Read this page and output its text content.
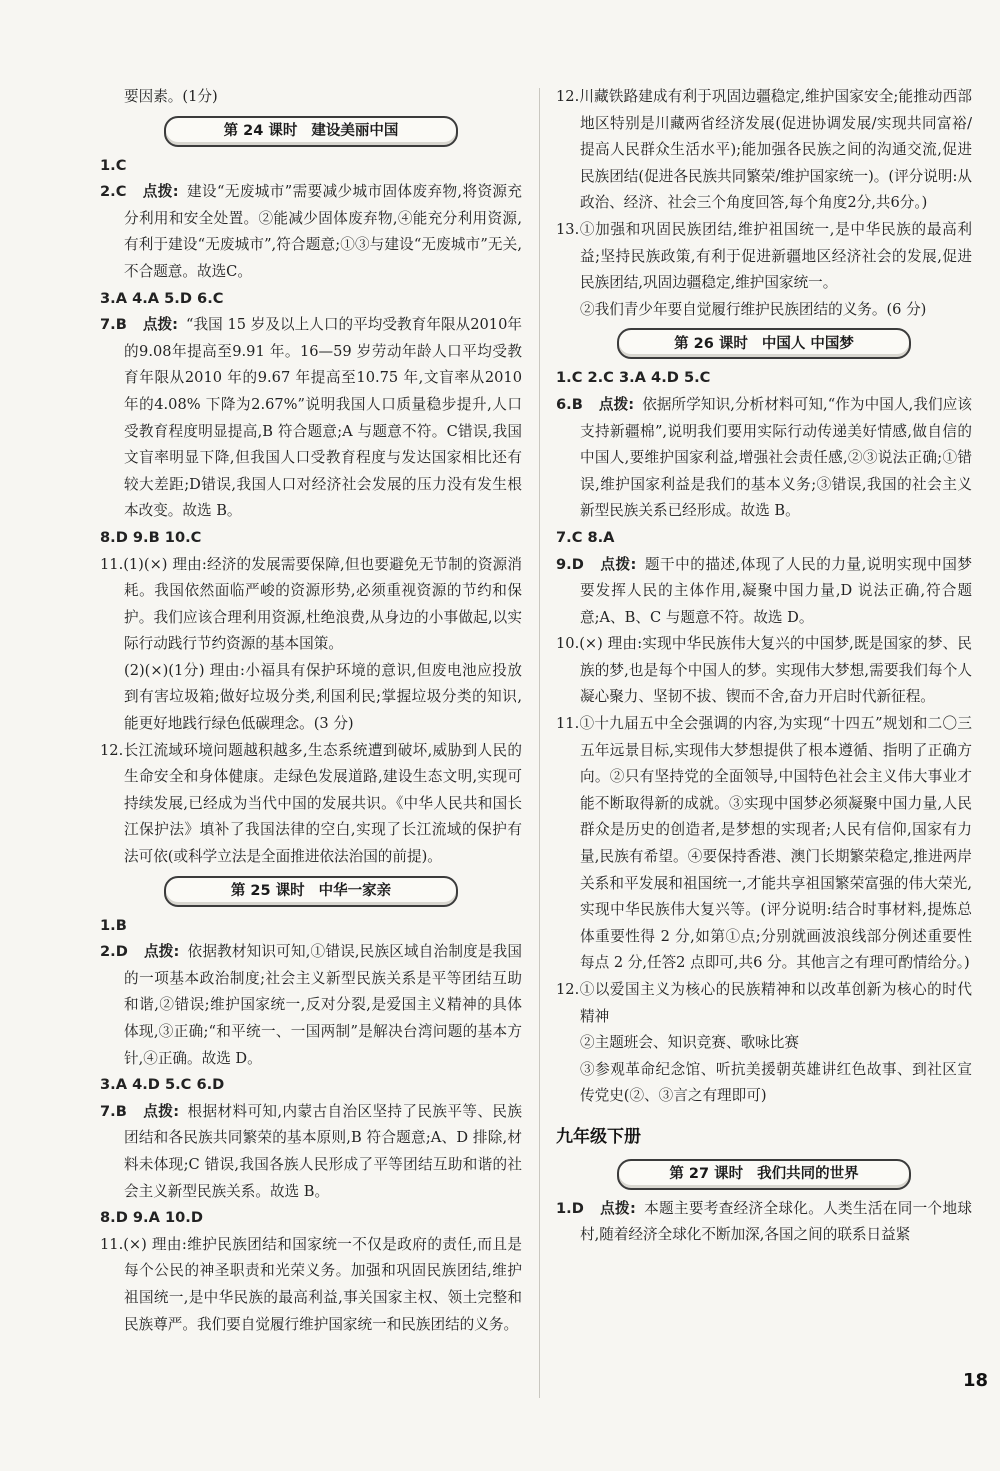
要因素。(1分)

第 24 课时 建设美丽中国

1.C

2.C 点拨: 建设“无废城市”需要减少城市固体废弃物,将资源充分利用和安全处置。②能减少固体废弃物,④能充分利用资源,有利于建设“无废城市”,符合题意;①③与建设“无废城市”无关,不合题意。故选C。

3.A 4.A 5.D 6.C

7.B 点拨: “我国 15 岁及以上人口的平均受教育年限从2010年的9.08年提高至9.91 年。16—59 岁劳动年龄人口平均受教育年限从2010 年的9.67 年提高至10.75 年,文盲率从2010年的4.08% 下降为2.67%”说明我国人口质量稳步提升,人口受教育程度明显提高,B 符合题意;A 与题意不符。C错误,我国文盲率明显下降,但我国人口受教育程度与发达国家相比还有较大差距;D错误,我国人口对经济社会发展的压力没有发生根本改变。故选 B。

8.D 9.B 10.C

11.(1)(×) 理由:经济的发展需要保障,但也要避免无节制的资源消耗。我国依然面临严峻的资源形势,必须重视资源的节约和保护。我们应该合理利用资源,杜绝浪费,从身边的小事做起,以实际行动践行节约资源的基本国策。

(2)(×)(1分) 理由:小福具有保护环境的意识,但废电池应投放到有害垃圾箱;做好垃圾分类,利国利民;掌握垃圾分类的知识,能更好地践行绿色低碳理念。(3 分)

12.长江流域环境问题越积越多,生态系统遭到破坏,威胁到人民的生命安全和身体健康。走绿色发展道路,建设生态文明,实现可持续发展,已经成为当代中国的发展共识。《中华人民共和国长江保护法》填补了我国法律的空白,实现了长江流域的保护有法可依(或科学立法是全面推进依法治国的前提)。

第 25 课时 中华一家亲

1.B

2.D 点拨: 依据教材知识可知,①错误,民族区域自治制度是我国的一项基本政治制度;社会主义新型民族关系是平等团结互助和谐,②错误;维护国家统一,反对分裂,是爱国主义精神的具体体现,③正确;“和平统一、一国两制”是解决台湾问题的基本方针,④正确。故选 D。

3.A 4.D 5.C 6.D

7.B 点拨: 根据材料可知,内蒙古自治区坚持了民族平等、民族团结和各民族共同繁荣的基本原则,B 符合题意;A、D 排除,材料未体现;C 错误,我国各族人民形成了平等团结互助和谐的社会主义新型民族关系。故选 B。

8.D 9.A 10.D

11.(×) 理由:维护民族团结和国家统一不仅是政府的责任,而且是每个公民的神圣职责和光荣义务。加强和巩固民族团结,维护祖国统一,是中华民族的最高利益,事关国家主权、领土完整和民族尊严。我们要自觉履行维护国家统一和民族团结的义务。

12.川藏铁路建成有利于巩固边疆稳定,维护国家安全;能推动西部地区特别是川藏两省经济发展(促进协调发展/实现共同富裕/提高人民群众生活水平);能加强各民族之间的沟通交流,促进民族团结(促进各民族共同繁荣/维护国家统一)。(评分说明:从政治、经济、社会三个角度回答,每个角度2分,共6分。)

13.①加强和巩固民族团结,维护祖国统一,是中华民族的最高利益;坚持民族政策,有利于促进新疆地区经济社会的发展,促进民族团结,巩固边疆稳定,维护国家统一。

②我们青少年要自觉履行维护民族团结的义务。(6 分)

第 26 课时 中国人 中国梦

1.C 2.C 3.A 4.D 5.C

6.B 点拨: 依据所学知识,分析材料可知,“作为中国人,我们应该支持新疆棉”,说明我们要用实际行动传递美好情感,做自信的中国人,要维护国家利益,增强社会责任感,②③说法正确;①错误,维护国家利益是我们的基本义务;③错误,我国的社会主义新型民族关系已经形成。故选 B。

7.C 8.A

9.D 点拨: 题干中的描述,体现了人民的力量,说明实现中国梦要发挥人民的主体作用,凝聚中国力量,D 说法正确,符合题意;A、B、C 与题意不符。故选 D。

10.(×) 理由:实现中华民族伟大复兴的中国梦,既是国家的梦、民族的梦,也是每个中国人的梦。实现伟大梦想,需要我们每个人凝心聚力、坚韧不拔、锲而不舍,奋力开启时代新征程。

11.①十九届五中全会强调的内容,为实现“十四五”规划和二〇三五年远景目标,实现伟大梦想提供了根本遵循、指明了正确方向。②只有坚持党的全面领导,中国特色社会主义伟大事业才能不断取得新的成就。③实现中国梦必须凝聚中国力量,人民群众是历史的创造者,是梦想的实现者;人民有信仰,国家有力量,民族有希望。④要保持香港、澳门长期繁荣稳定,推进两岸关系和平发展和祖国统一,才能共享祖国繁荣富强的伟大荣光,实现中华民族伟大复兴等。(评分说明:结合时事材料,提炼总体重要性得 2 分,如第①点;分别就画波浪线部分例述重要性每点 2 分,任答2 点即可,共6 分。其他言之有理可酌情给分。)

12.①以爱国主义为核心的民族精神和以改革创新为核心的时代精神

②主题班会、知识竞赛、歌咏比赛

③参观革命纪念馆、听抗美援朝英雄讲红色故事、到社区宣传党史(②、③言之有理即可)

九年级下册
第 27 课时 我们共同的世界

1.D 点拨: 本题主要考查经济全球化。人类生活在同一个地球村,随着经济全球化不断加深,各国之间的联系日益紧

18
